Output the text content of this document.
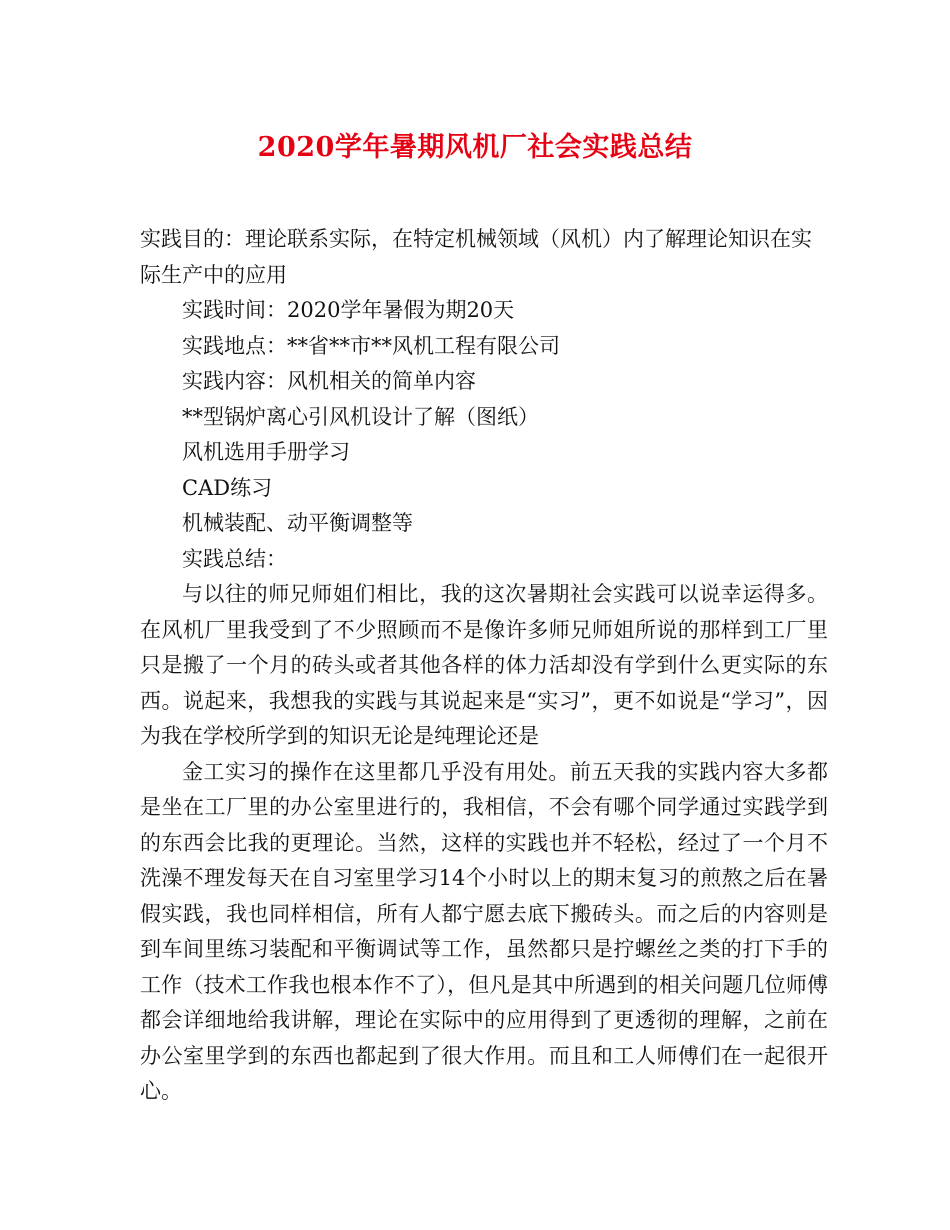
2020学年暑期风机厂社会实践总结

实践目的：理论联系实际，在特定机械领域（风机）内了解理论知识在实际生产中的应用

实践时间：2020学年暑假为期20天

实践地点：**省**市**风机工程有限公司

实践内容：风机相关的简单内容

**型锅炉离心引风机设计了解（图纸）

风机选用手册学习

CAD练习

机械装配、动平衡调整等

实践总结：

与以往的师兄师姐们相比，我的这次暑期社会实践可以说幸运得多。在风机厂里我受到了不少照顾而不是像许多师兄师姐所说的那样到工厂里只是搬了一个月的砖头或者其他各样的体力活却没有学到什么更实际的东西。说起来，我想我的实践与其说起来是“实习”，更不如说是“学习”，因为我在学校所学到的知识无论是纯理论还是

金工实习的操作在这里都几乎没有用处。前五天我的实践内容大多都是坐在工厂里的办公室里进行的，我相信，不会有哪个同学通过实践学到的东西会比我的更理论。当然，这样的实践也并不轻松，经过了一个月不洗澡不理发每天在自习室里学习14个小时以上的期末复习的煎熬之后在暑假实践，我也同样相信，所有人都宁愿去底下搬砖头。而之后的内容则是到车间里练习装配和平衡调试等工作，虽然都只是拧螺丝之类的打下手的工作（技术工作我也根本作不了），但凡是其中所遇到的相关问题几位师傅都会详细地给我讲解，理论在实际中的应用得到了更透彻的理解，之前在办公室里学到的东西也都起到了很大作用。而且和工人师傅们在一起很开心。
